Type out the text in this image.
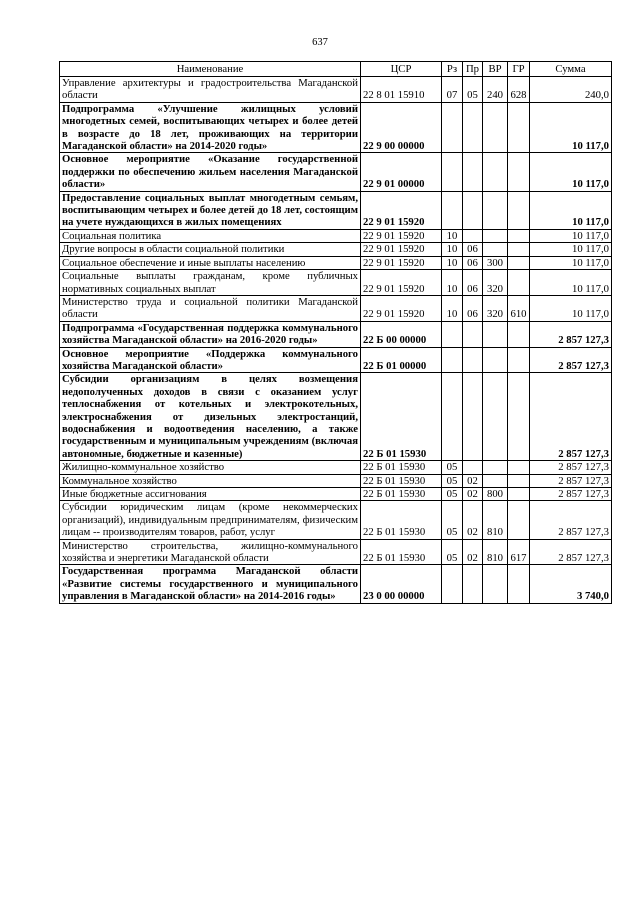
637
Наименование	ЦСР	Рз	Пр	ВР	ГР	Сумма
Управление архитектуры и градостроительства Магаданской области	22 8 01 15910	07	05	240	628	240,0
Подпрограмма «Улучшение жилищных условий многодетных семей, воспитывающих четырех и более детей в возрасте до 18 лет, проживающих на территории Магаданской области» на 2014-2020 годы»	22 9 00 00000					10 117,0
Основное мероприятие «Оказание государственной поддержки по обеспечению жильем населения Магаданской области»	22 9 01 00000					10 117,0
Предоставление социальных выплат многодетным семьям, воспитывающим четырех и более детей до 18 лет, состоящим на учете нуждающихся в жилых помещениях	22 9 01 15920					10 117,0
Социальная политика	22 9 01 15920	10				10 117,0
Другие вопросы в области социальной политики	22 9 01 15920	10	06			10 117,0
Социальное обеспечение и иные выплаты населению	22 9 01 15920	10	06	300		10 117,0
Социальные выплаты гражданам, кроме публичных нормативных социальных выплат	22 9 01 15920	10	06	320		10 117,0
Министерство труда и социальной политики Магаданской области	22 9 01 15920	10	06	320	610	10 117,0
Подпрограмма «Государственная поддержка коммунального хозяйства Магаданской области» на 2016-2020 годы»	22 Б 00 00000					2 857 127,3
Основное мероприятие «Поддержка коммунального хозяйства Магаданской области»	22 Б 01 00000					2 857 127,3
Субсидии организациям в целях возмещения недополученных доходов в связи с оказанием услуг теплоснабжения от котельных и электрокотельных, электроснабжения от дизельных электростанций, водоснабжения и водоотведения населению, а также государственным и муниципальным учреждениям (включая автономные, бюджетные и казенные)	22 Б 01 15930					2 857 127,3
Жилищно-коммунальное хозяйство	22 Б 01 15930	05				2 857 127,3
Коммунальное хозяйство	22 Б 01 15930	05	02			2 857 127,3
Иные бюджетные ассигнования	22 Б 01 15930	05	02	800		2 857 127,3
Субсидии юридическим лицам (кроме некоммерческих организаций), индивидуальным предпринимателям, физическим лицам -- производителям товаров, работ, услуг	22 Б 01 15930	05	02	810		2 857 127,3
Министерство строительства, жилищно-коммунального хозяйства и энергетики Магаданской области	22 Б 01 15930	05	02	810	617	2 857 127,3
Государственная программа Магаданской области «Развитие системы государственного и муниципального управления в Магаданской области» на 2014-2016 годы»	23 0 00 00000					3 740,0
